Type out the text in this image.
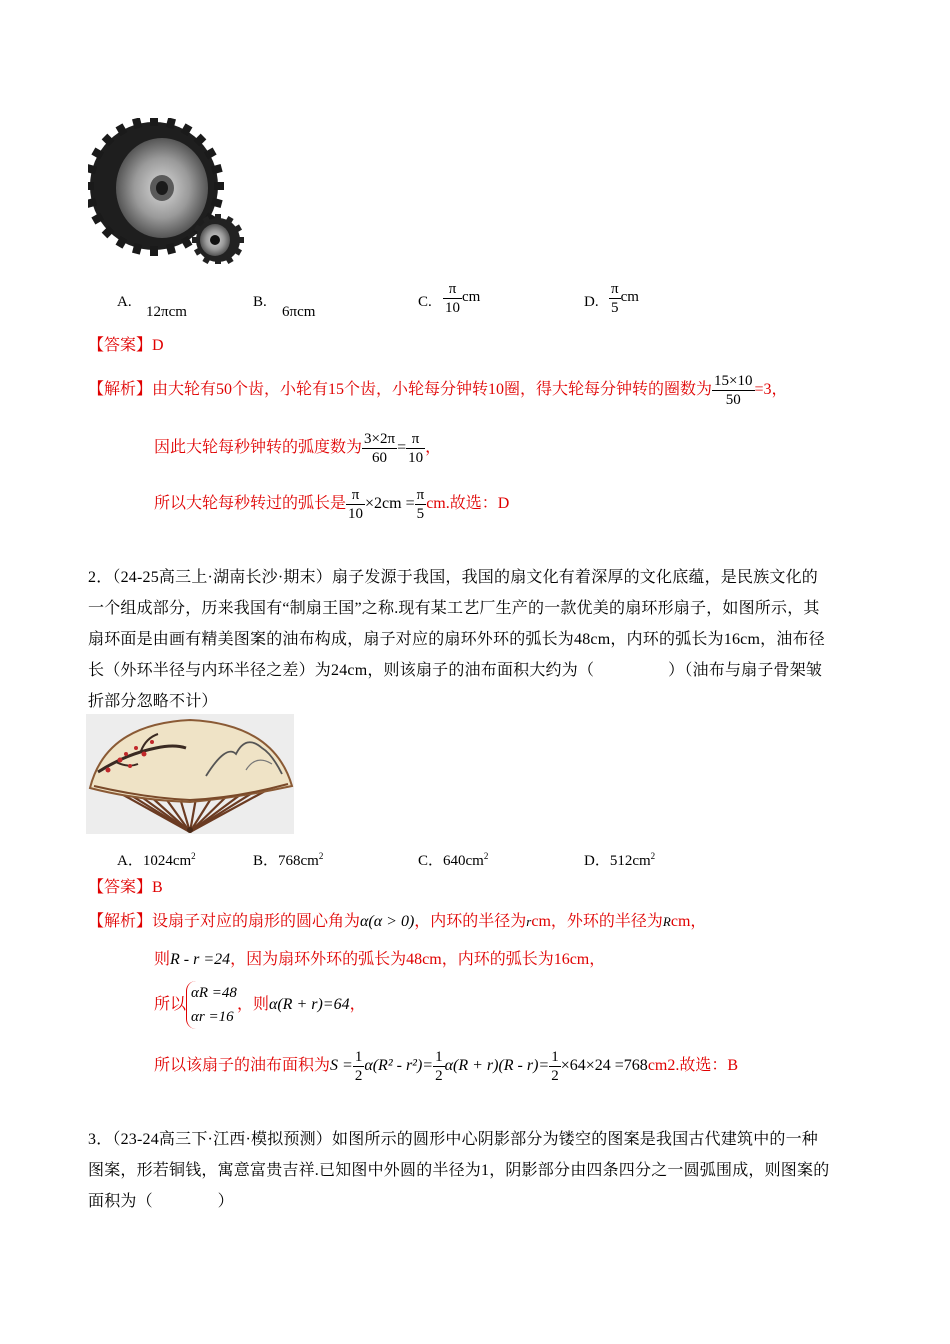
A.
12πcm
B.
6πcm
C. $\frac{\pi}{10}$ cm	D. $\frac{\pi}{5}$ cm
【答案】D
【解析】由大轮有50个齿，小轮有15个齿，小轮每分钟转10圈，得大轮每分钟转的圈数为 $\frac{15\times 10}{50} =3$，
因此大轮每秒钟转的弧度数为 $\frac{3\times 2\pi}{60} = \frac{\pi}{10}$ ，
所以大轮每秒转过的弧长是 $\frac{\pi}{10} \times 2cm = \frac{\pi}{5}$ cm.故选：D
2．（24-25高三上·湖南长沙·期末）扇子发源于我国，我国的扇文化有着深厚的文化底蕴，是民族文化的
一个组成部分，历来我国有“制扇王国”之称.现有某工艺厂生产的一款优美的扇环形扇子，如图所示，其
扇环面是由画有精美图案的油布构成，扇子对应的扇环外环的弧长为48cm，内环的弧长为16cm，油布径
长（外环半径与内环半径之差）为24cm，则该扇子的油布面积大约为（	）（油布与扇子骨架皱
折部分忽略不计）
A．$1024cm^2$	B．$768cm^2$	C．$640cm^2$	D．$512cm^2$
【答案】B
【解析】设扇子对应的扇形的圆心角为α(α > 0)，内环的半径为rcm，外环的半径为Rcm，
则R - r =24，因为扇环外环的弧长为48cm，内环的弧长为16cm，
所以
αR =48
αr =16
，则α(R + r)=64，
所以该扇子的油布面积为$S = \frac{1}{2} \alpha(R^2 - r^2)= \frac{1}{2} \alpha(R + r)(R - r)= \frac{1}{2} \times 64\times 24 =768cm2$.故选：B
3．（23-24高三下·江西·模拟预测）如图所示的圆形中心阴影部分为镂空的图案是我国古代建筑中的一种
图案，形若铜钱，寓意富贵吉祥.已知图中外圆的半径为1，阴影部分由四条四分之一圆弧围成，则图案的
面积为（　　　　）
